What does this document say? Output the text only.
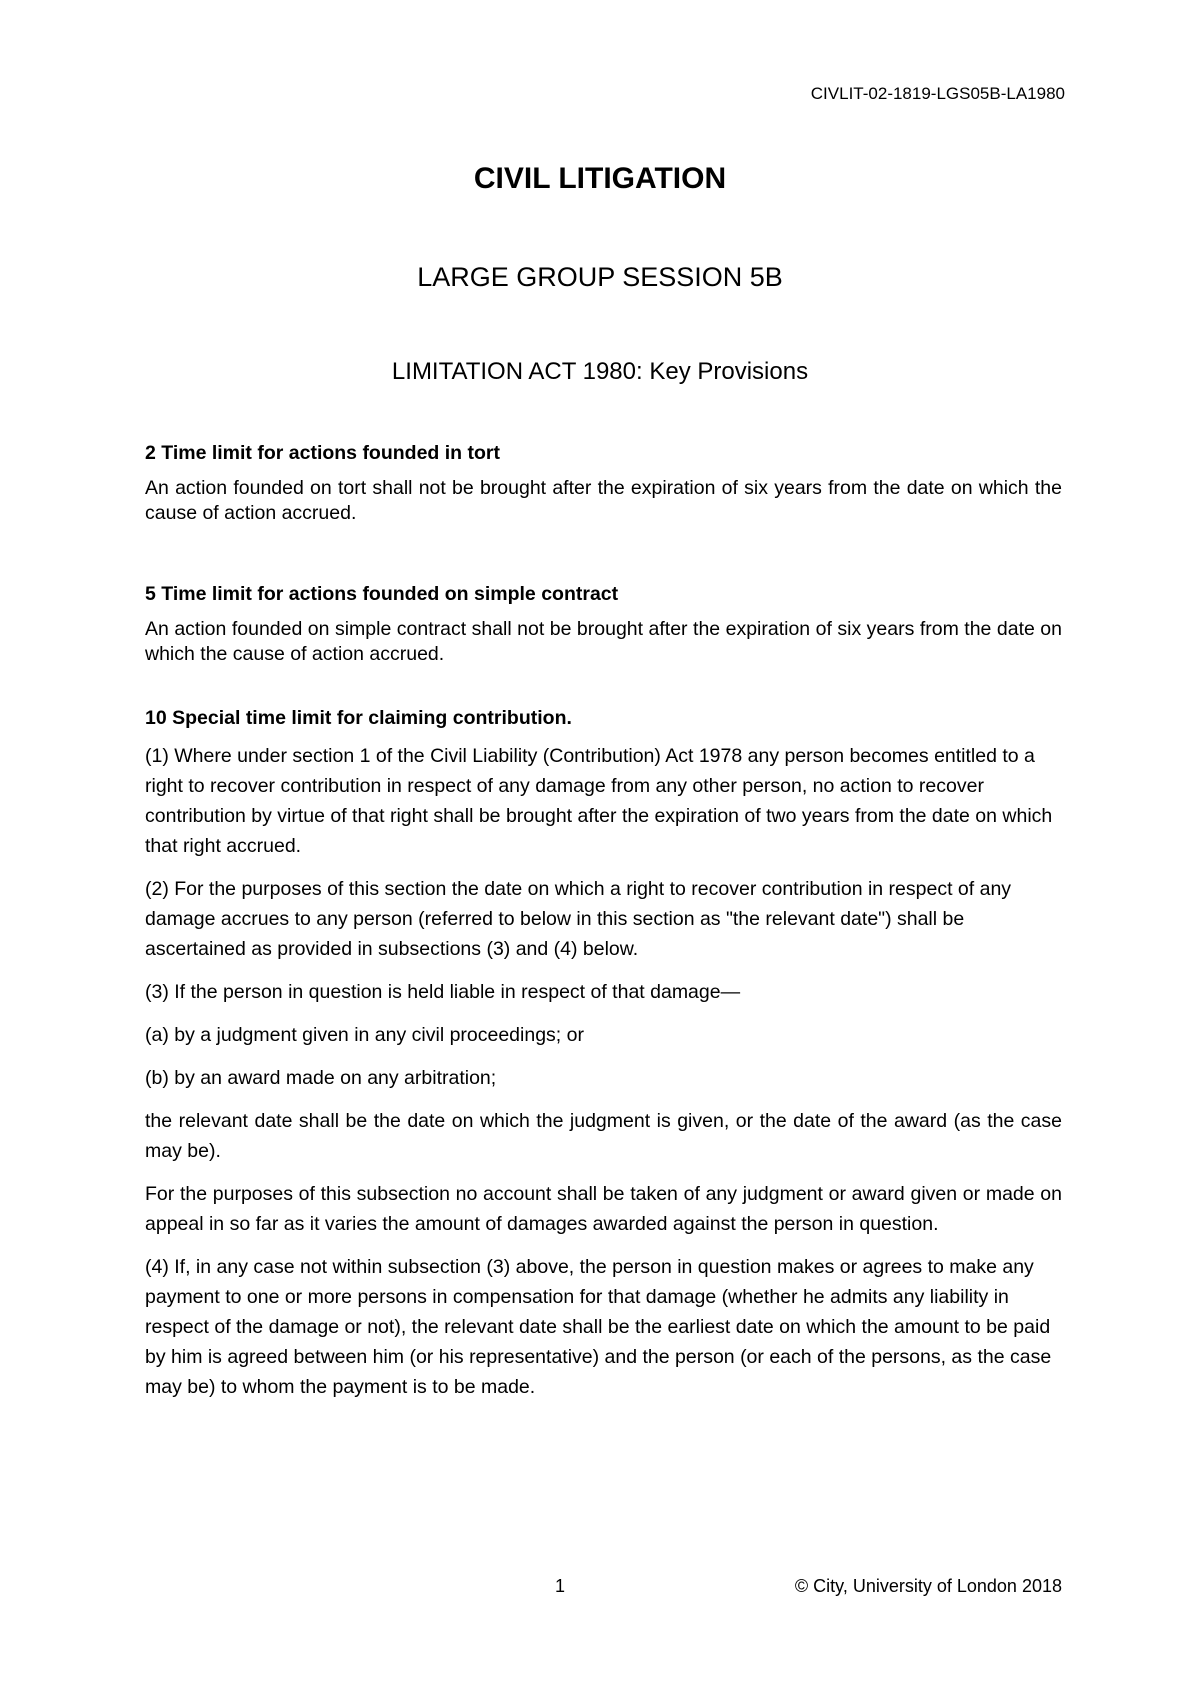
CIVLIT-02-1819-LGS05B-LA1980
CIVIL LITIGATION
LARGE GROUP SESSION 5B
LIMITATION ACT 1980: Key Provisions
2 Time limit for actions founded in tort

An action founded on tort shall not be brought after the expiration of six years from the date on which the cause of action accrued.

5 Time limit for actions founded on simple contract

An action founded on simple contract shall not be brought after the expiration of six years from the date on which the cause of action accrued.

10 Special time limit for claiming contribution.

(1) Where under section 1 of the Civil Liability (Contribution) Act 1978 any person becomes entitled to a right to recover contribution in respect of any damage from any other person, no action to recover contribution by virtue of that right shall be brought after the expiration of two years from the date on which that right accrued.

(2) For the purposes of this section the date on which a right to recover contribution in respect of any damage accrues to any person (referred to below in this section as "the relevant date") shall be ascertained as provided in subsections (3) and (4) below.

(3) If the person in question is held liable in respect of that damage—

(a) by a judgment given in any civil proceedings; or

(b) by an award made on any arbitration;

the relevant date shall be the date on which the judgment is given, or the date of the award (as the case may be).

For the purposes of this subsection no account shall be taken of any judgment or award given or made on appeal in so far as it varies the amount of damages awarded against the person in question.

(4) If, in any case not within subsection (3) above, the person in question makes or agrees to make any payment to one or more persons in compensation for that damage (whether he admits any liability in respect of the damage or not), the relevant date shall be the earliest date on which the amount to be paid by him is agreed between him (or his representative) and the person (or each of the persons, as the case may be) to whom the payment is to be made.

1	© City, University of London 2018
